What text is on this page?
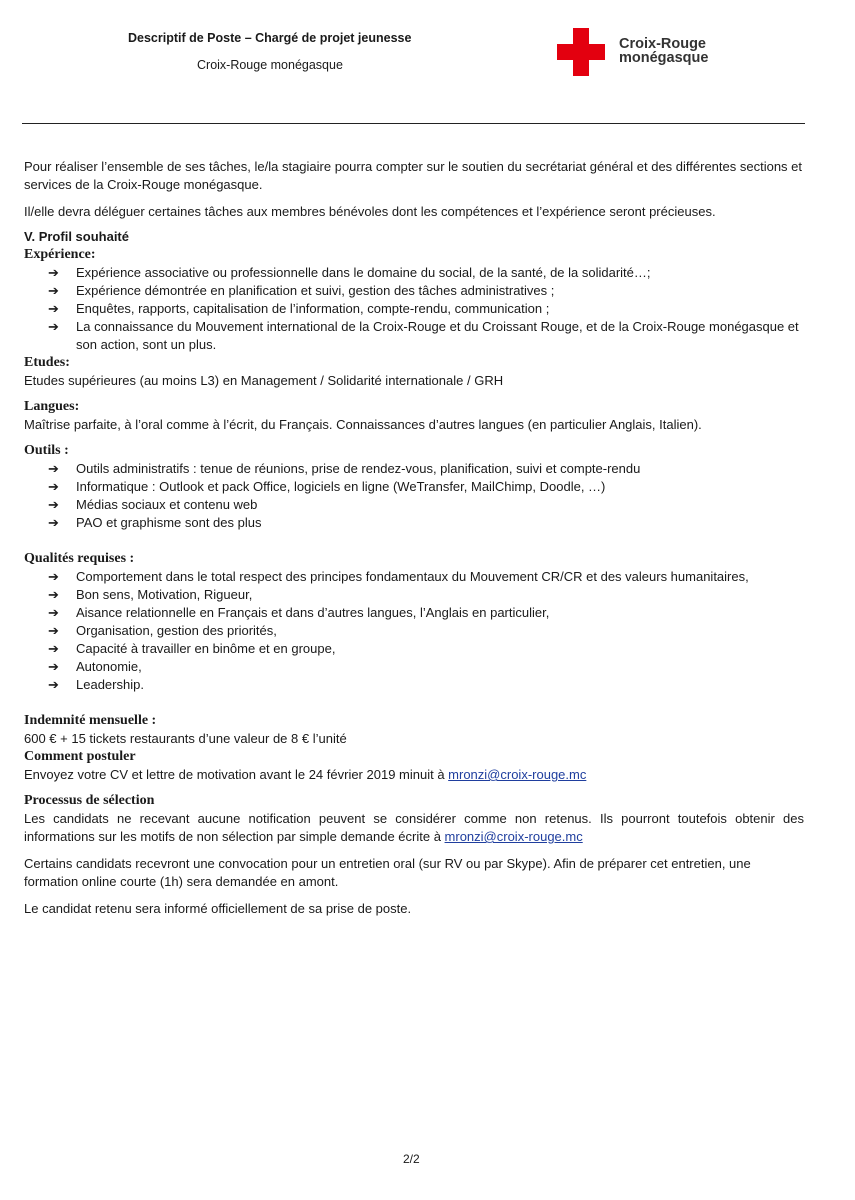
Descriptif de Poste – Chargé de projet jeunesse
Croix-Rouge monégasque
Croix-Rouge
monégasque

Pour réaliser l’ensemble de ses tâches, le/la stagiaire pourra compter sur le soutien du secrétariat général et des différentes sections et services de la Croix-Rouge monégasque.

Il/elle devra déléguer certaines tâches aux membres bénévoles dont les compétences et l’expérience seront précieuses.

V. Profil souhaité
Expérience:
➔ Expérience associative ou professionnelle dans le domaine du social, de la santé, de la solidarité…;
➔ Expérience démontrée en planification et suivi, gestion des tâches administratives ;
➔ Enquêtes, rapports, capitalisation de l’information, compte-rendu, communication ;
➔ La connaissance du Mouvement international de la Croix-Rouge et du Croissant Rouge, et de la Croix-Rouge monégasque et son action, sont un plus.
Etudes:

Etudes supérieures (au moins L3) en Management / Solidarité internationale / GRH

Langues:

Maîtrise parfaite, à l’oral comme à l’écrit, du Français. Connaissances d’autres langues (en particulier Anglais, Italien).

Outils :
➔ Outils administratifs : tenue de réunions, prise de rendez-vous, planification, suivi et compte-rendu
➔ Informatique : Outlook et pack Office, logiciels en ligne (WeTransfer, MailChimp, Doodle, …)
➔ Médias sociaux et contenu web
➔ PAO et graphisme sont des plus
Qualités requises :
➔ Comportement dans le total respect des principes fondamentaux du Mouvement CR/CR et des valeurs humanitaires,
➔ Bon sens, Motivation, Rigueur,
➔ Aisance relationnelle en Français et dans d’autres langues, l’Anglais en particulier,
➔ Organisation, gestion des priorités,
➔ Capacité à travailler en binôme et en groupe,
➔ Autonomie,
➔ Leadership.
Indemnité mensuelle :

600 € + 15 tickets restaurants d’une valeur de 8 € l’unité

Comment postuler

Envoyez votre CV et lettre de motivation avant le 24 février 2019 minuit à mronzi@croix-rouge.mc

Processus de sélection

Les candidats ne recevant aucune notification peuvent se considérer comme non retenus. Ils pourront toutefois obtenir des informations sur les motifs de non sélection par simple demande écrite à mronzi@croix-rouge.mc

Certains candidats recevront une convocation pour un entretien oral (sur RV ou par Skype). Afin de préparer cet entretien, une formation online courte (1h) sera demandée en amont.

Le candidat retenu sera informé officiellement de sa prise de poste.

2/2
